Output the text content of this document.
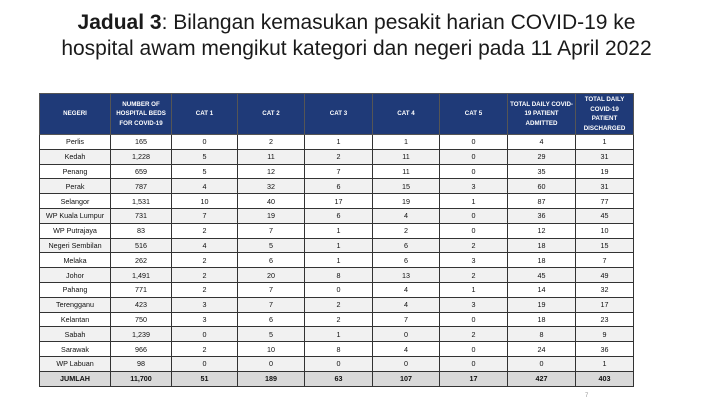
Jadual 3: Bilangan kemasukan pesakit harian COVID-19 ke
hospital awam mengikut kategori dan negeri pada 11 April 2022
NEGERI	NUMBER OF HOSPITAL BEDS FOR COVID-19	CAT 1	CAT 2	CAT 3	CAT 4	CAT 5	TOTAL DAILY COVID-19 PATIENT ADMITTED	TOTAL DAILY COVID-19 PATIENT DISCHARGED
Perlis	165	0	2	1	1	0	4	1
Kedah	1,228	5	11	2	11	0	29	31
Penang	659	5	12	7	11	0	35	19
Perak	787	4	32	6	15	3	60	31
Selangor	1,531	10	40	17	19	1	87	77
WP Kuala Lumpur	731	7	19	6	4	0	36	45
WP Putrajaya	83	2	7	1	2	0	12	10
Negeri Sembilan	516	4	5	1	6	2	18	15
Melaka	262	2	6	1	6	3	18	7
Johor	1,491	2	20	8	13	2	45	49
Pahang	771	2	7	0	4	1	14	32
Terengganu	423	3	7	2	4	3	19	17
Kelantan	750	3	6	2	7	0	18	23
Sabah	1,239	0	5	1	0	2	8	9
Sarawak	966	2	10	8	4	0	24	36
WP Labuan	98	0	0	0	0	0	0	1
JUMLAH	11,700	51	189	63	107	17	427	403
7
